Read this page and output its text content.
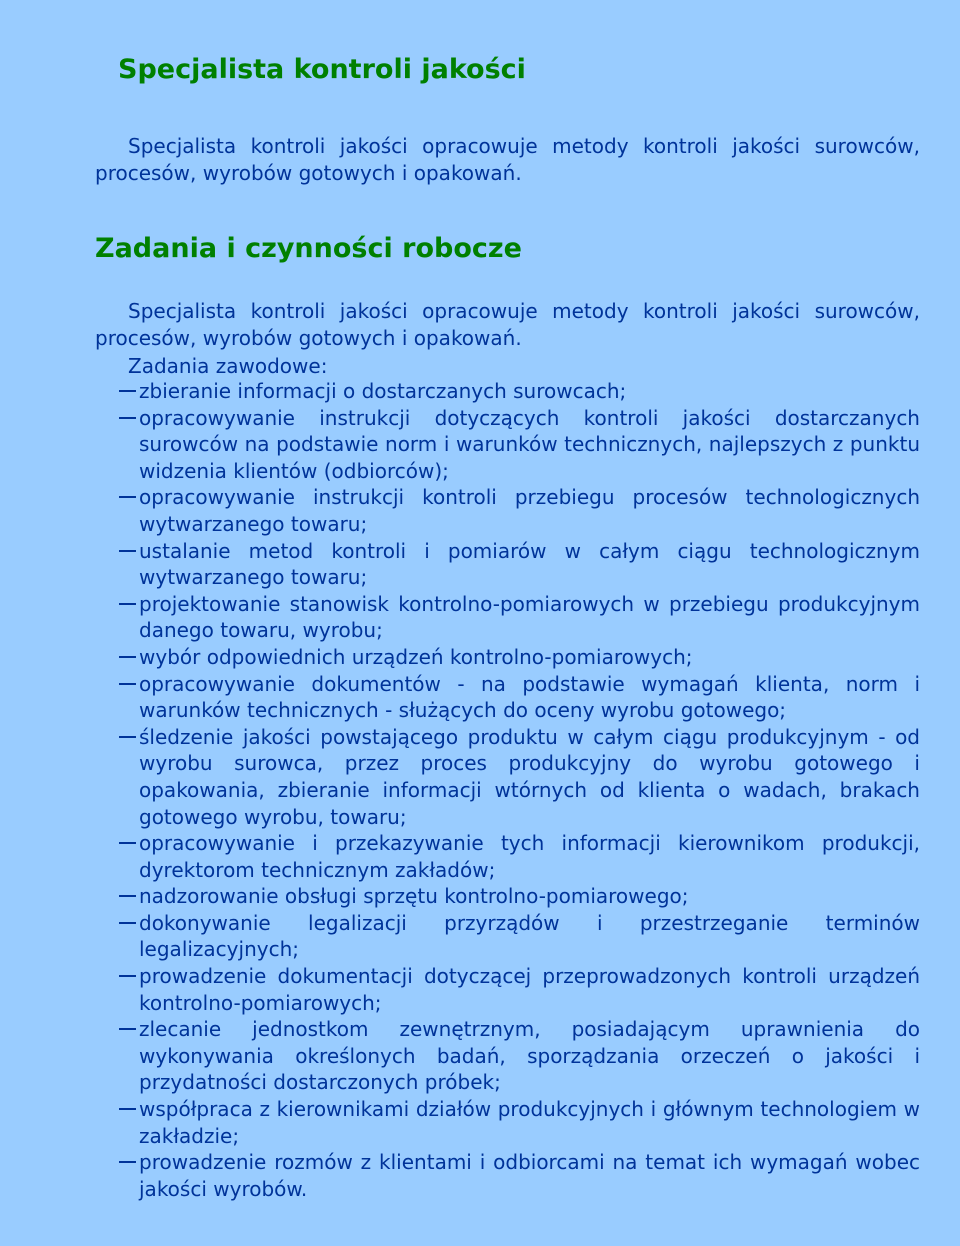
Specjalista kontroli jakości

Specjalista kontroli jakości opracowuje metody kontroli jakości surowców, procesów, wyrobów gotowych i opakowań.

Zadania i czynności robocze

Specjalista kontroli jakości opracowuje metody kontroli jakości surowców, procesów, wyrobów gotowych i opakowań.

Zadania zawodowe:

zbieranie informacji o dostarczanych surowcach;
opracowywanie instrukcji dotyczących kontroli jakości dostarczanych surowców na podstawie norm i warunków technicznych, najlepszych z punktu widzenia klientów (odbiorców);
opracowywanie instrukcji kontroli przebiegu procesów technologicznych wytwarzanego towaru;
ustalanie metod kontroli i pomiarów w całym ciągu technologicznym wytwarzanego towaru;
projektowanie stanowisk kontrolno-pomiarowych w przebiegu produkcyjnym danego towaru, wyrobu;
wybór odpowiednich urządzeń kontrolno-pomiarowych;
opracowywanie dokumentów - na podstawie wymagań klienta, norm i warunków technicznych - służących do oceny wyrobu gotowego;
śledzenie jakości powstającego produktu w całym ciągu produkcyjnym - od wyrobu surowca, przez proces produkcyjny do wyrobu gotowego i opakowania, zbieranie informacji wtórnych od klienta o wadach, brakach gotowego wyrobu, towaru;
opracowywanie i przekazywanie tych informacji kierownikom produkcji, dyrektorom technicznym zakładów;
nadzorowanie obsługi sprzętu kontrolno-pomiarowego;
dokonywanie legalizacji przyrządów i przestrzeganie terminów legalizacyjnych;
prowadzenie dokumentacji dotyczącej przeprowadzonych kontroli urządzeń kontrolno-pomiarowych;
zlecanie jednostkom zewnętrznym, posiadającym uprawnienia do wykonywania określonych badań, sporządzania orzeczeń o jakości i przydatności dostarczonych próbek;
współpraca z kierownikami działów produkcyjnych i głównym technologiem w zakładzie;
prowadzenie rozmów z klientami i odbiorcami na temat ich wymagań wobec jakości wyrobów.
